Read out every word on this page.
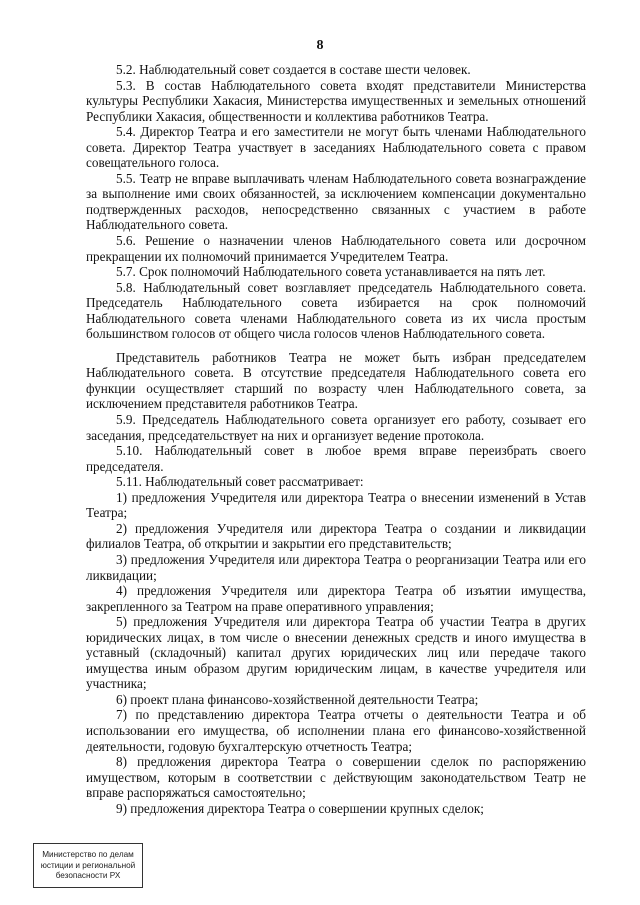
8

5.2. Наблюдательный совет создается в составе шести человек.

5.3. В состав Наблюдательного совета входят представители Министерства культуры Республики Хакасия, Министерства имущественных и земельных отношений Республики Хакасия, общественности и коллектива работников Театра.

5.4. Директор Театра и его заместители не могут быть членами Наблюдательного совета. Директор Театра участвует в заседаниях Наблюдательного совета с правом совещательного голоса.

5.5. Театр не вправе выплачивать членам Наблюдательного совета вознаграждение за выполнение ими своих обязанностей, за исключением компенсации документально подтвержденных расходов, непосредственно связанных с участием в работе Наблюдательного совета.

5.6. Решение о назначении членов Наблюдательного совета или досрочном прекращении их полномочий принимается Учредителем Театра.

5.7. Срок полномочий Наблюдательного совета устанавливается на пять лет.

5.8. Наблюдательный совет возглавляет председатель Наблюдательного совета. Председатель Наблюдательного совета избирается на срок полномочий Наблюдательного совета членами Наблюдательного совета из их числа простым большинством голосов от общего числа голосов членов Наблюдательного совета.

Представитель работников Театра не может быть избран председателем Наблюдательного совета. В отсутствие председателя Наблюдательного совета его функции осуществляет старший по возрасту член Наблюдательного совета, за исключением представителя работников Театра.

5.9. Председатель Наблюдательного совета организует его работу, созывает его заседания, председательствует на них и организует ведение протокола.

5.10. Наблюдательный совет в любое время вправе переизбрать своего председателя.

5.11. Наблюдательный совет рассматривает:

1) предложения Учредителя или директора Театра о внесении изменений в Устав Театра;

2) предложения Учредителя или директора Театра о создании и ликвидации филиалов Театра, об открытии и закрытии его представительств;

3) предложения Учредителя или директора Театра о реорганизации Театра или его ликвидации;

4) предложения Учредителя или директора Театра об изъятии имущества, закрепленного за Театром на праве оперативного управления;

5) предложения Учредителя или директора Театра об участии Театра в других юридических лицах, в том числе о внесении денежных средств и иного имущества в уставный (складочный) капитал других юридических лиц или передаче такого имущества иным образом другим юридическим лицам, в качестве учредителя или участника;

6) проект плана финансово-хозяйственной деятельности Театра;

7) по представлению директора Театра отчеты о деятельности Театра и об использовании его имущества, об исполнении плана его финансово-хозяйственной деятельности, годовую бухгалтерскую отчетность Театра;

8) предложения директора Театра о совершении сделок по распоряжению имуществом, которым в соответствии с действующим законодательством Театр не вправе распоряжаться самостоятельно;

9) предложения директора Театра о совершении крупных сделок;

Министерство по делам
юстиции и региональной
безопасности РХ
